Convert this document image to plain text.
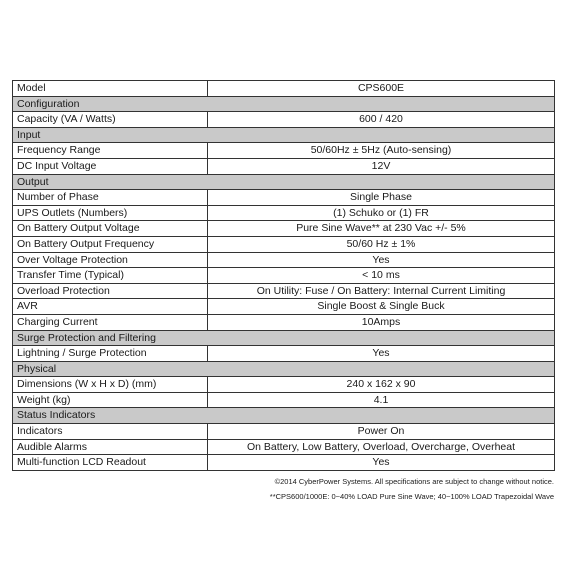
Model	CPS600E
Configuration	
Capacity (VA / Watts)	600 / 420
Input	
Frequency Range	50/60Hz ± 5Hz (Auto-sensing)
DC Input Voltage	12V
Output	
Number of Phase	Single Phase
UPS Outlets (Numbers)	(1) Schuko or (1) FR
On Battery Output Voltage	Pure Sine Wave** at 230 Vac +/- 5%
On Battery Output Frequency	50/60 Hz ± 1%
Over Voltage Protection	Yes
Transfer Time (Typical)	< 10 ms
Overload Protection	On Utility: Fuse / On Battery: Internal Current Limiting
AVR	Single Boost & Single Buck
Charging Current	10Amps
Surge Protection and Filtering	
Lightning / Surge Protection	Yes
Physical	
Dimensions (W x H x D) (mm)	240 x 162 x 90
Weight (kg)	4.1
Status Indicators	
Indicators	Power On
Audible Alarms	On Battery, Low Battery, Overload, Overcharge, Overheat
Multi-function LCD Readout	Yes
©2014 CyberPower Systems. All specifications are subject to change without notice.
**CPS600/1000E: 0~40% LOAD Pure Sine Wave; 40~100% LOAD Trapezoidal Wave
